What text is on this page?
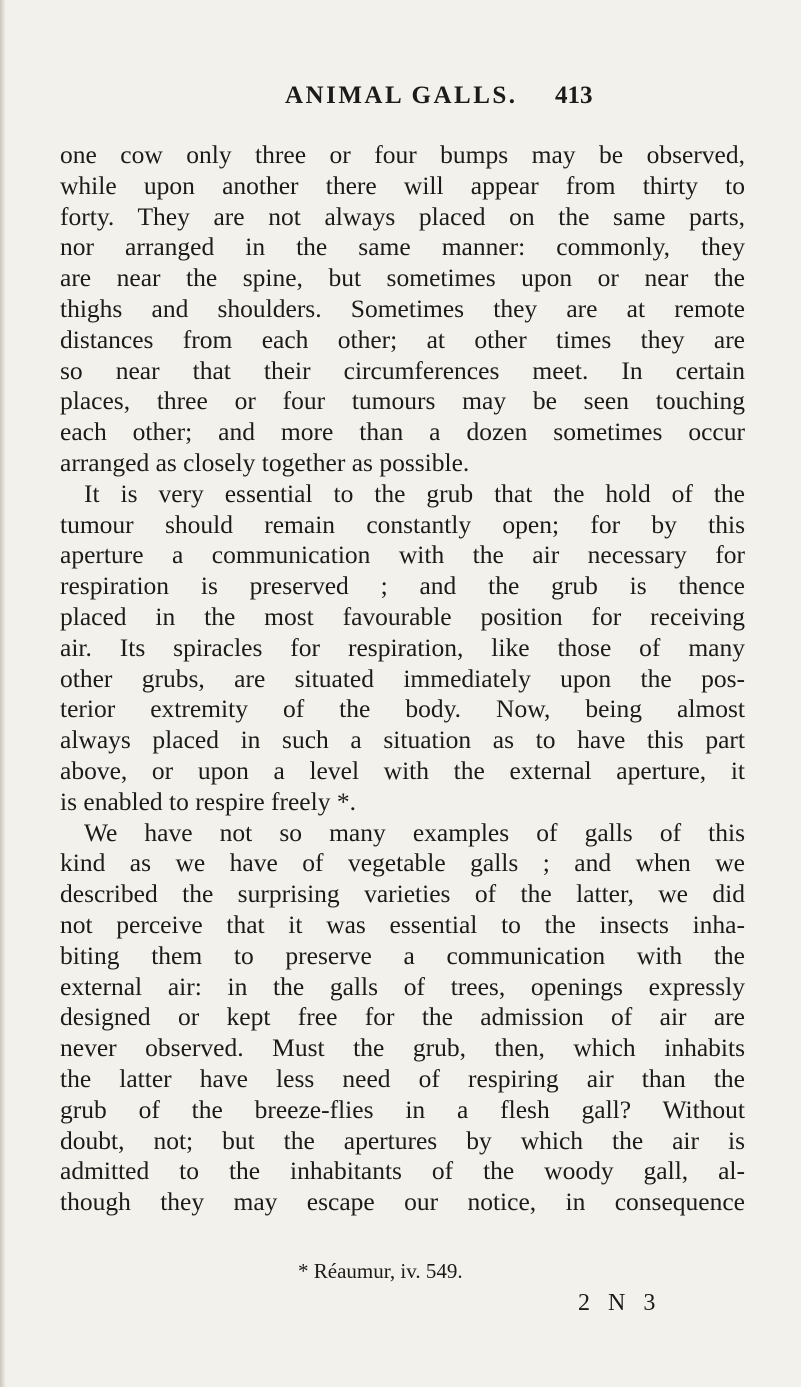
ANIMAL GALLS. 413
one cow only three or four bumps may be observed,
while upon another there will appear from thirty to
forty. They are not always placed on the same parts,
nor arranged in the same manner: commonly, they
are near the spine, but sometimes upon or near the
thighs and shoulders. Sometimes they are at remote
distances from each other; at other times they are
so near that their circumferences meet. In certain
places, three or four tumours may be seen touching
each other; and more than a dozen sometimes occur
arranged as closely together as possible.
It is very essential to the grub that the hold of the
tumour should remain constantly open; for by this
aperture a communication with the air necessary for
respiration is preserved ; and the grub is thence
placed in the most favourable position for receiving
air. Its spiracles for respiration, like those of many
other grubs, are situated immediately upon the pos-
terior extremity of the body. Now, being almost
always placed in such a situation as to have this part
above, or upon a level with the external aperture, it
is enabled to respire freely *.
We have not so many examples of galls of this
kind as we have of vegetable galls ; and when we
described the surprising varieties of the latter, we did
not perceive that it was essential to the insects inha-
biting them to preserve a communication with the
external air: in the galls of trees, openings expressly
designed or kept free for the admission of air are
never observed. Must the grub, then, which inhabits
the latter have less need of respiring air than the
grub of the breeze-flies in a flesh gall? Without
doubt, not; but the apertures by which the air is
admitted to the inhabitants of the woody gall, al-
though they may escape our notice, in consequence
* Réaumur, iv. 549.
2 N 3
